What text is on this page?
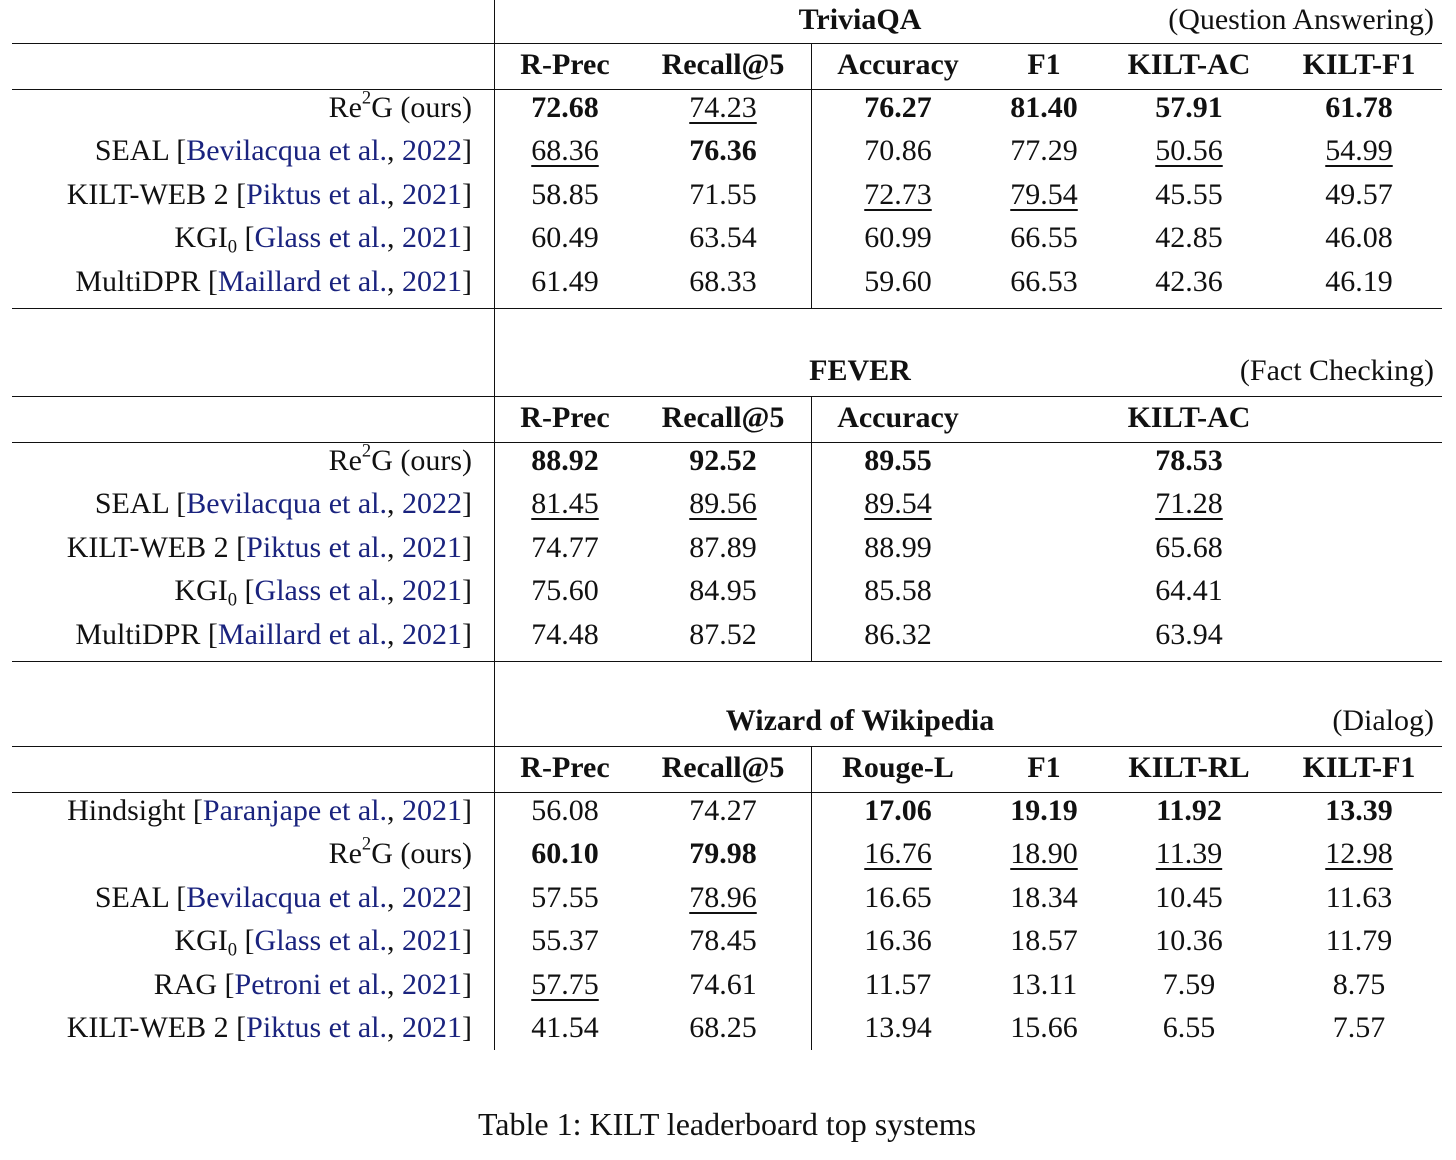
Table 1: KILT leaderboard top systems
TriviaQA	(Question Answering)
R-Prec Recall@5 Accuracy F1 KILT-AC KILT-F1
Re$^2$G (ours) 72.68	74.23	76.27	81.40	57.91	61.78
SEAL [Bevilacqua et al., 2022] 68.36	76.36	70.86	77.29	50.56	54.99
KILT-WEB 2 [Piktus et al., 2021] 58.85	71.55	72.73	79.54	45.55	49.57
$KGI_0$ [Glass et al., 2021] 60.49	63.54	60.99	66.55	42.85	46.08
MultiDPR [Maillard et al., 2021] 61.49	68.33	59.60	66.53	42.36	46.19
FEVER	(Fact Checking)
R-Prec Recall@5 Accuracy	KILT-AC
Re$^2$G (ours) 88.92	92.52	89.55	78.53
SEAL [Bevilacqua et al., 2022] 81.45	89.56	89.54	71.28
KILT-WEB 2 [Piktus et al., 2021] 74.77	87.89	88.99	65.68
$KGI_0$ [Glass et al., 2021] 75.60	84.95	85.58	64.41
MultiDPR [Maillard et al., 2021] 74.48	87.52	86.32	63.94
Wizard of Wikipedia	(Dialog)
R-Prec Recall@5 Rouge-L F1 KILT-RL KILT-F1
Hindsight [Paranjape et al., 2021] 56.08	74.27	17.06	19.19	11.92	13.39
Re$^2$G (ours) 60.10	79.98	16.76	18.90	11.39	12.98
SEAL [Bevilacqua et al., 2022] 57.55	78.96	16.65	18.34	10.45	11.63
$KGI_0$ [Glass et al., 2021] 55.37	78.45	16.36	18.57	10.36	11.79
RAG [Petroni et al., 2021] 57.75	74.61	11.57	13.11	7.59	8.75
KILT-WEB 2 [Piktus et al., 2021] 41.54	68.25	13.94	15.66	6.55	7.57
